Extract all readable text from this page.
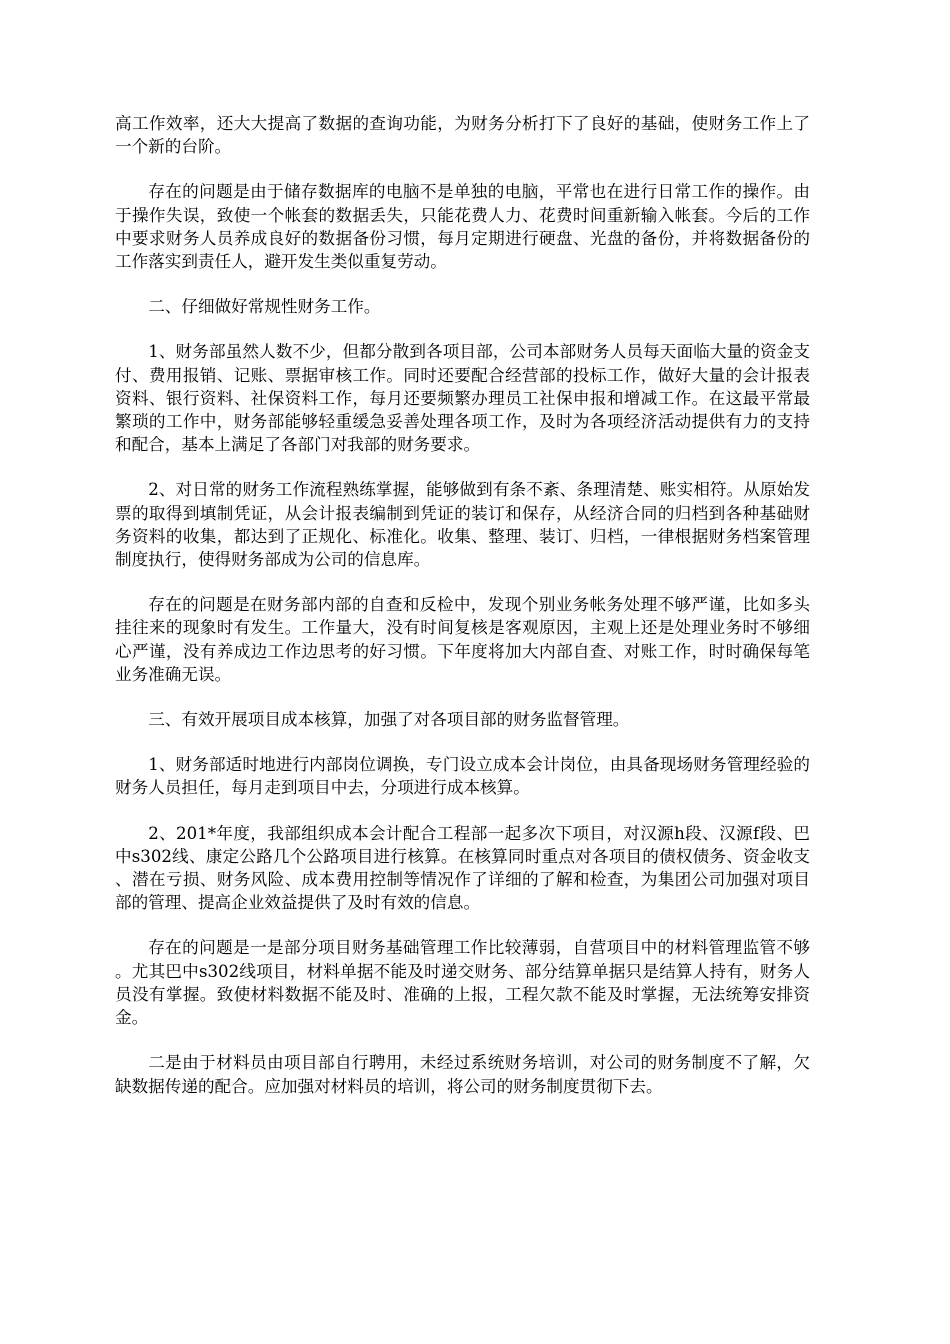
高工作效率，还大大提高了数据的查询功能，为财务分析打下了良好的基础，使财务工作上了一个新的台阶。

存在的问题是由于储存数据库的电脑不是单独的电脑，平常也在进行日常工作的操作。由于操作失误，致使一个帐套的数据丢失，只能花费人力、花费时间重新输入帐套。今后的工作中要求财务人员养成良好的数据备份习惯，每月定期进行硬盘、光盘的备份，并将数据备份的工作落实到责任人，避开发生类似重复劳动。

二、仔细做好常规性财务工作。

1、财务部虽然人数不少，但都分散到各项目部，公司本部财务人员每天面临大量的资金支付、费用报销、记账、票据审核工作。同时还要配合经营部的投标工作，做好大量的会计报表资料、银行资料、社保资料工作，每月还要频繁办理员工社保申报和增减工作。在这最平常最繁琐的工作中，财务部能够轻重缓急妥善处理各项工作，及时为各项经济活动提供有力的支持和配合，基本上满足了各部门对我部的财务要求。

2、对日常的财务工作流程熟练掌握，能够做到有条不紊、条理清楚、账实相符。从原始发票的取得到填制凭证，从会计报表编制到凭证的装订和保存，从经济合同的归档到各种基础财务资料的收集，都达到了正规化、标准化。收集、整理、装订、归档，一律根据财务档案管理制度执行，使得财务部成为公司的信息库。

存在的问题是在财务部内部的自查和反检中，发现个别业务帐务处理不够严谨，比如多头挂往来的现象时有发生。工作量大，没有时间复核是客观原因，主观上还是处理业务时不够细心严谨，没有养成边工作边思考的好习惯。下年度将加大内部自查、对账工作，时时确保每笔业务准确无误。

三、有效开展项目成本核算，加强了对各项目部的财务监督管理。

1、财务部适时地进行内部岗位调换，专门设立成本会计岗位，由具备现场财务管理经验的财务人员担任，每月走到项目中去，分项进行成本核算。

2、201*年度，我部组织成本会计配合工程部一起多次下项目，对汉源h段、汉源f段、巴中s302线、康定公路几个公路项目进行核算。在核算同时重点对各项目的债权债务、资金收支、潜在亏损、财务风险、成本费用控制等情况作了详细的了解和检查，为集团公司加强对项目部的管理、提高企业效益提供了及时有效的信息。

存在的问题是一是部分项目财务基础管理工作比较薄弱，自营项目中的材料管理监管不够。尤其巴中s302线项目，材料单据不能及时递交财务、部分结算单据只是结算人持有，财务人员没有掌握。致使材料数据不能及时、准确的上报，工程欠款不能及时掌握，无法统筹安排资金。

二是由于材料员由项目部自行聘用，未经过系统财务培训，对公司的财务制度不了解，欠缺数据传递的配合。应加强对材料员的培训，将公司的财务制度贯彻下去。
